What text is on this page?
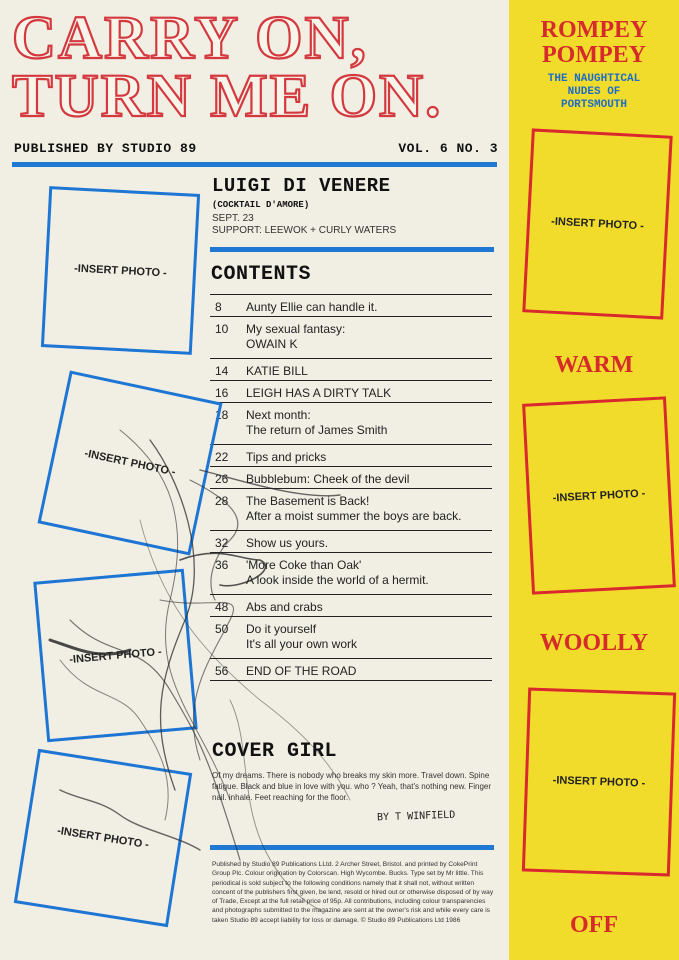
CARRY ON,
TURN ME ON.
PUBLISHED BY STUDIO 89	VOL. 6 NO. 3
LUIGI DI VENERE
(COCKTAIL D'AMORE)
SEPT. 23
SUPPORT: LEEWOK + CURLY WATERS
CONTENTS
8 Aunty Ellie can handle it.
10 My sexual fantasy:
OWAIN K
14 KATIE BILL
16 LEIGH HAS A DIRTY TALK
18 Next month:
The return of James Smith
22 Tips and pricks
26 Bubblebum: Cheek of the devil
28 The Basement is Back!
After a moist summer the boys are back.
32 Show us yours.
36 'More Coke than Oak'
A look inside the world of a hermit.
48 Abs and crabs
50 Do it yourself
It's all your own work
56 END OF THE ROAD
COVER GIRL
Of my dreams. There is nobody who breaks my skin more. Travel down. Spine fatigue. Black and blue in love with you. who ? Yeah, that's nothing new. Finger nail. inhale. Feet reaching for the floor.
BY T WINFIELD
Published by Studio 89 Publications LLtd. 2 Archer Street, Bristol. and printed by CokePrint Group Plc. Colour origination by Colorscan. High Wycombe. Bucks. Type set by Mr little. This periodical is sold subject to the following conditions namely that it shall not, without written concent of the publishers first given, be lend, resold or hired out or otherwise disposed of by way of Trade, Except at the full retail price of 95p. All contributions, including colour transparencies and photographs submitted to the magazine are sent at the owner's risk and while every care is taken Studio 89 accept liability for loss or damage. © Studio 89 Publications Ltd 1986
-INSERT PHOTO -
-INSERT PHOTO -
-INSERT PHOTO -
-INSERT PHOTO -
ROMPEY
POMPEY
THE NAUGHTICAL
NUDES OF
PORTSMOUTH
-INSERT PHOTO -
WARM
-INSERT PHOTO -
WOOLLY
-INSERT PHOTO -
OFF
